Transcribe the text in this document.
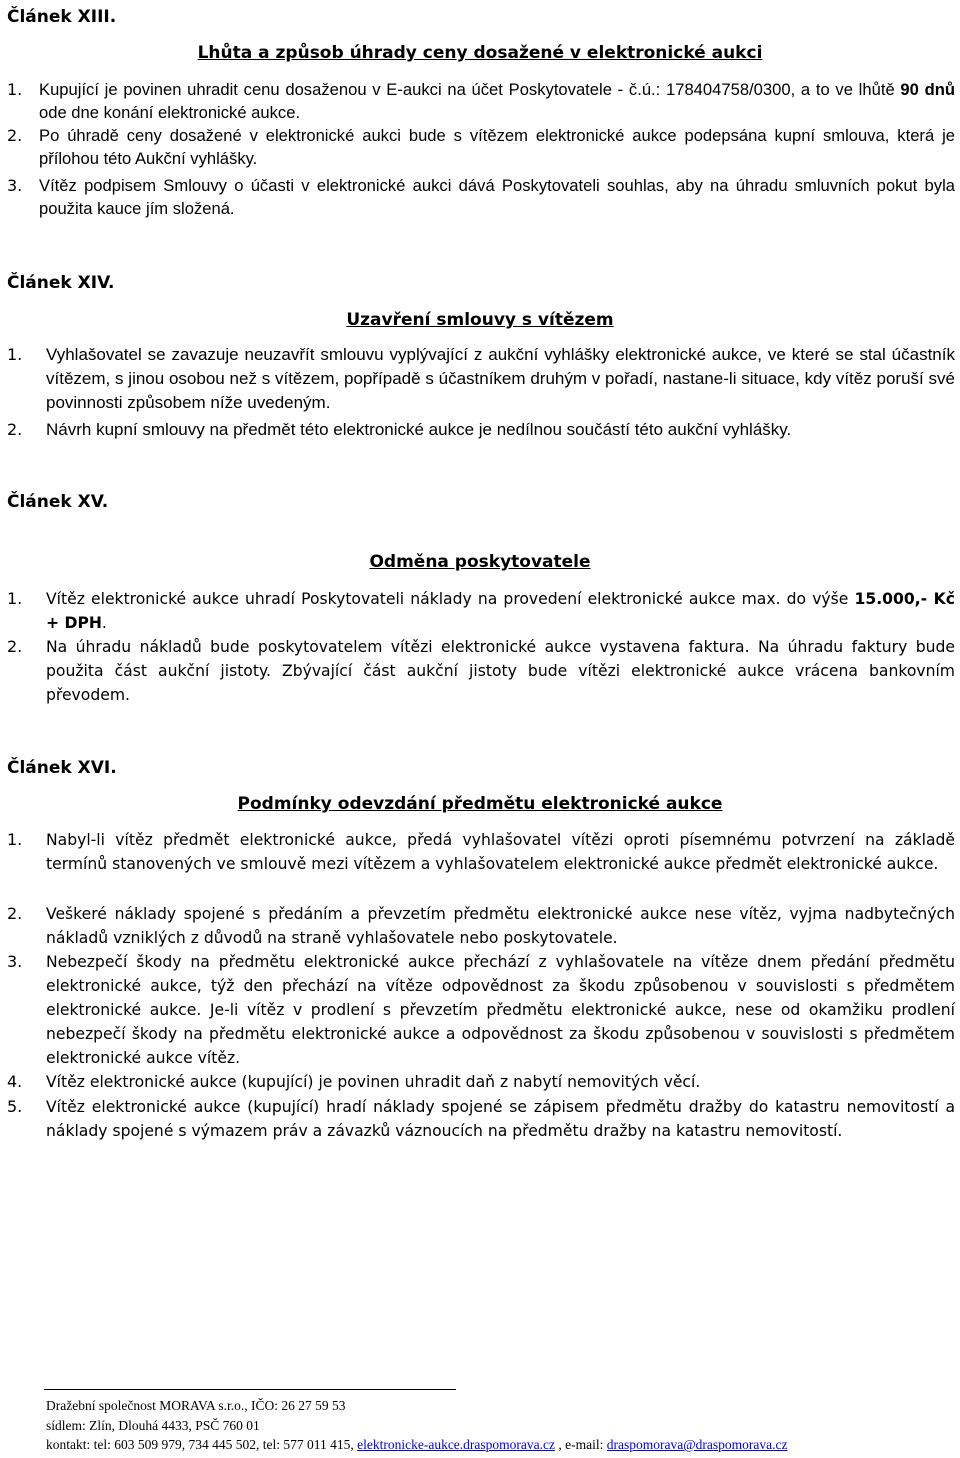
Článek XIII.
Lhůta a způsob úhrady ceny dosažené v elektronické aukci
1.	Kupující je povinen uhradit cenu dosaženou v E-aukci na účet Poskytovatele - č.ú.: 178404758/0300, a to ve lhůtě 90 dnů ode dne konání elektronické aukce.
2.	Po úhradě ceny dosažené v elektronické aukci bude s vítězem elektronické aukce podepsána kupní smlouva, která je přílohou této Aukční vyhlášky.
3.	Vítěz podpisem Smlouvy o účasti v elektronické aukci dává Poskytovateli souhlas, aby na úhradu smluvních pokut byla použita kauce jím složená.
Článek XIV.
Uzavření smlouvy s vítězem
1.	Vyhlašovatel se zavazuje neuzavřít smlouvu vyplývající z aukční vyhlášky elektronické aukce, ve které se stal účastník vítězem, s jinou osobou než s vítězem, popřípadě s účastníkem druhým v pořadí, nastane-li situace, kdy vítěz poruší své povinnosti způsobem níže uvedeným.
2.	Návrh kupní smlouvy na předmět této elektronické aukce je nedílnou součástí této aukční vyhlášky.
Článek XV.
Odměna poskytovatele
1.	Vítěz elektronické aukce uhradí Poskytovateli náklady na provedení elektronické aukce max. do výše 15.000,- Kč + DPH.
2.	Na úhradu nákladů bude poskytovatelem vítězi elektronické aukce vystavena faktura. Na úhradu faktury bude použita část aukční jistoty. Zbývající část aukční jistoty bude vítězi elektronické aukce vrácena bankovním převodem.
Článek XVI.
Podmínky odevzdání předmětu elektronické aukce
1.	Nabyl-li vítěz předmět elektronické aukce, předá vyhlašovatel vítězi oproti písemnému potvrzení na základě termínů stanovených ve smlouvě mezi vítězem a vyhlašovatelem elektronické aukce předmět elektronické aukce.
2.	Veškeré náklady spojené s předáním a převzetím předmětu elektronické aukce nese vítěz, vyjma nadbytečných nákladů vzniklých z důvodů na straně vyhlašovatele nebo poskytovatele.
3.	Nebezpečí škody na předmětu elektronické aukce přechází z vyhlašovatele na vítěze dnem předání předmětu elektronické aukce, týž den přechází na vítěze odpovědnost za škodu způsobenou v souvislosti s předmětem elektronické aukce. Je-li vítěz v prodlení s převzetím předmětu elektronické aukce, nese od okamžiku prodlení nebezpečí škody na předmětu elektronické aukce a odpovědnost za škodu způsobenou v souvislosti s předmětem elektronické aukce vítěz.
4.	Vítěz elektronické aukce (kupující) je povinen uhradit daň z nabytí nemovitých věcí.
5.	Vítěz elektronické aukce (kupující) hradí náklady spojené se zápisem předmětu dražby do katastru nemovitostí a náklady spojené s výmazem práv a závazků váznoucích na předmětu dražby na katastru nemovitostí.
Dražební společnost MORAVA s.r.o., IČO: 26 27 59 53
sídlem: Zlín, Dlouhá 4433, PSČ 760 01
kontakt: tel: 603 509 979, 734 445 502, tel: 577 011 415, elektronicke-aukce.draspomorava.cz , e-mail: draspomorava@draspomorava.cz
